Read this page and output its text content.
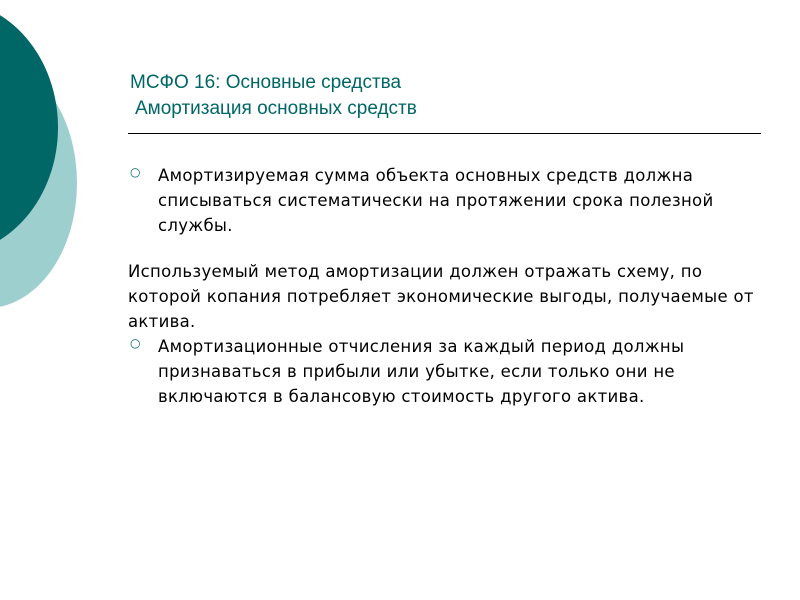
МСФО 16: Основные средства
Амортизация основных средств
○ Амортизируемая сумма объекта основных средств должна списываться систематически на протяжении срока полезной службы.
Используемый метод амортизации должен отражать схему, по которой копания потребляет экономические выгоды, получаемые от актива.
○ Амортизационные отчисления за каждый период должны признаваться в прибыли или убытке, если только они не включаются в балансовую стоимость другого актива.
